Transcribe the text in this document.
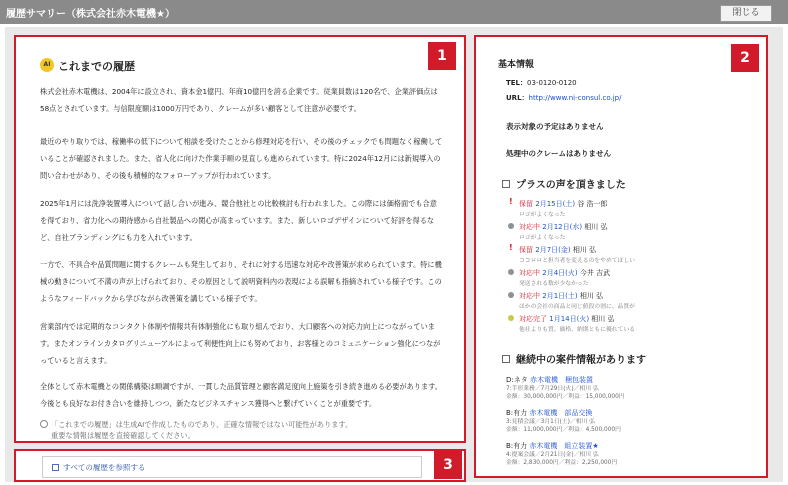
履歴サマリー（株式会社赤木電機★）	閉じる
AI これまでの履歴
株式会社赤木電機は、2004年に設立され、資本金1億円、年商10億円を誇る企業です。従業員数は120名で、企業評価点は58点とされています。与信限度額は1000万円であり、クレームが多い顧客として注意が必要です。
最近のやり取りでは、稼働率の低下について相談を受けたことから修理対応を行い、その後のチェックでも問題なく稼働していることが確認されました。また、省人化に向けた作業手順の見直しも進められています。特に2024年12月には新規導入の問い合わせがあり、その後も積極的なフォローアップが行われています。
2025年1月には洗浄装置導入について話し合いが進み、競合他社との比較検討も行われました。この際には価格面でも合意を得ており、省力化への期待感から自社製品への関心が高まっています。また、新しいロゴデザインについて好評を得るなど、自社ブランディングにも力を入れています。
一方で、不具合や品質問題に関するクレームも発生しており、それに対する迅速な対応や改善策が求められています。特に機械の動きについて不満の声が上げられており、その原因として説明資料内の表現による誤解も指摘されている様子です。このようなフィードバックから学びながら改善策を講じている様子です。
営業部内では定期的なコンタクト体制や情報共有体制強化にも取り組んでおり、大口顧客への対応力向上につながっています。またオンラインカタログリニューアルによって利便性向上にも努めており、お客様とのコミュニケーション強化につながっていると言えます。
全体として赤木電機との関係構築は順調ですが、一貫した品質管理と顧客満足度向上施策を引き続き進める必要があります。今後とも良好なお付き合いを維持しつつ、新たなビジネスチャンス獲得へと繋げていくことが重要です。
「これまでの履歴」は生成AIで作成したものであり、正確な情報ではない可能性があります。
重要な情報は履歴を直接確認してください。
1
すべての履歴を参照する	3
基本情報
TEL：03-0120-0120
URL：http://www.ni-consul.co.jp/
表示対象の予定はありません
処理中のクレームはありません
プラスの声を頂きました
! 保留 2月15日(土) 谷 浩一郎
ロゴがよくなった
対応中 2月12日(水) 相川 弘
ロゴがよくなった
! 保留 2月7日(金) 相川 弘
ココロロと担当者を変えるのをやめてほしい
対応中 2月4日(火) 今井 吉武
発送される数が少なかった
対応中 2月1日(土) 相川 弘
ほかの会社の商品と同じ値段の割に、品質が
対応完了 1月14日(火) 相川 弘
他社よりも質、価格、納期ともに優れている
継続中の案件情報があります
D:ネタ 赤木電機　 梱包装置
7:手形業務／7月29日(火)／相川 弘
金額：30,000,000円／利益：15,000,000円
B:有力 赤木電機　 部品交換
3:見積会議／3月1日(土)／相川 弘
金額：11,000,000円／利益：4,500,000円
B:有力 赤木電機　 組立装置★
4:提案会議／2月21日(金)／相川 弘
金額：2,830,000円／利益：2,250,000円
2
